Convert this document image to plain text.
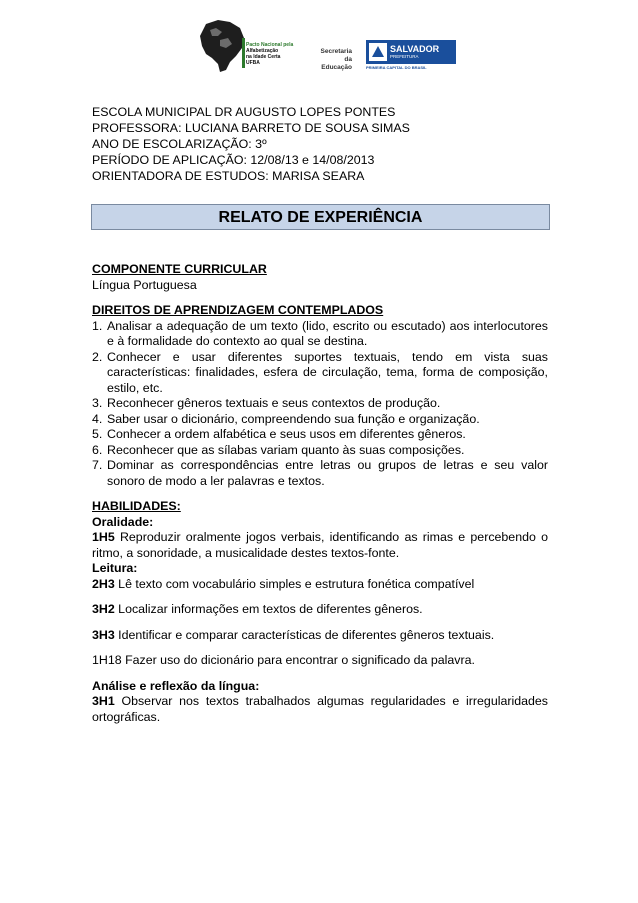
Pacto Nacional pela
Alfabetização
na Idade Certa
UFBA
Secretaria da
Educação
SALVADOR
PREFEITURA
PRIMEIRA CAPITAL DO BRASIL
ESCOLA MUNICIPAL DR AUGUSTO LOPES PONTES
PROFESSORA: LUCIANA BARRETO DE SOUSA SIMAS
ANO DE ESCOLARIZAÇÃO: 3º
PERÍODO DE APLICAÇÃO: 12/08/13 e 14/08/2013
ORIENTADORA DE ESTUDOS: MARISA SEARA
RELATO DE EXPERIÊNCIA
COMPONENTE CURRICULAR
Língua Portuguesa
DIREITOS DE APRENDIZAGEM CONTEMPLADOS
1. Analisar a adequação de um texto (lido, escrito ou escutado) aos interlocutores e à formalidade do contexto ao qual se destina.
2. Conhecer e usar diferentes suportes textuais, tendo em vista suas características: finalidades, esfera de circulação, tema, forma de composição, estilo, etc.
3. Reconhecer gêneros textuais e seus contextos de produção.
4. Saber usar o dicionário, compreendendo sua função e organização.
5. Conhecer a ordem alfabética e seus usos em diferentes gêneros.
6. Reconhecer que as sílabas variam quanto às suas composições.
7. Dominar as correspondências entre letras ou grupos de letras e seu valor sonoro de modo a ler palavras e textos.
HABILIDADES:
Oralidade:
1H5 Reproduzir oralmente jogos verbais, identificando as rimas e percebendo o ritmo, a sonoridade, a musicalidade destes textos-fonte.
Leitura:
2H3 Lê texto com vocabulário simples e estrutura fonética compatível
3H2 Localizar informações em textos de diferentes gêneros.
3H3 Identificar e comparar características de diferentes gêneros textuais.
1H18 Fazer uso do dicionário para encontrar o significado da palavra.
Análise e reflexão da língua:
3H1 Observar nos textos trabalhados algumas regularidades e irregularidades ortográficas.
